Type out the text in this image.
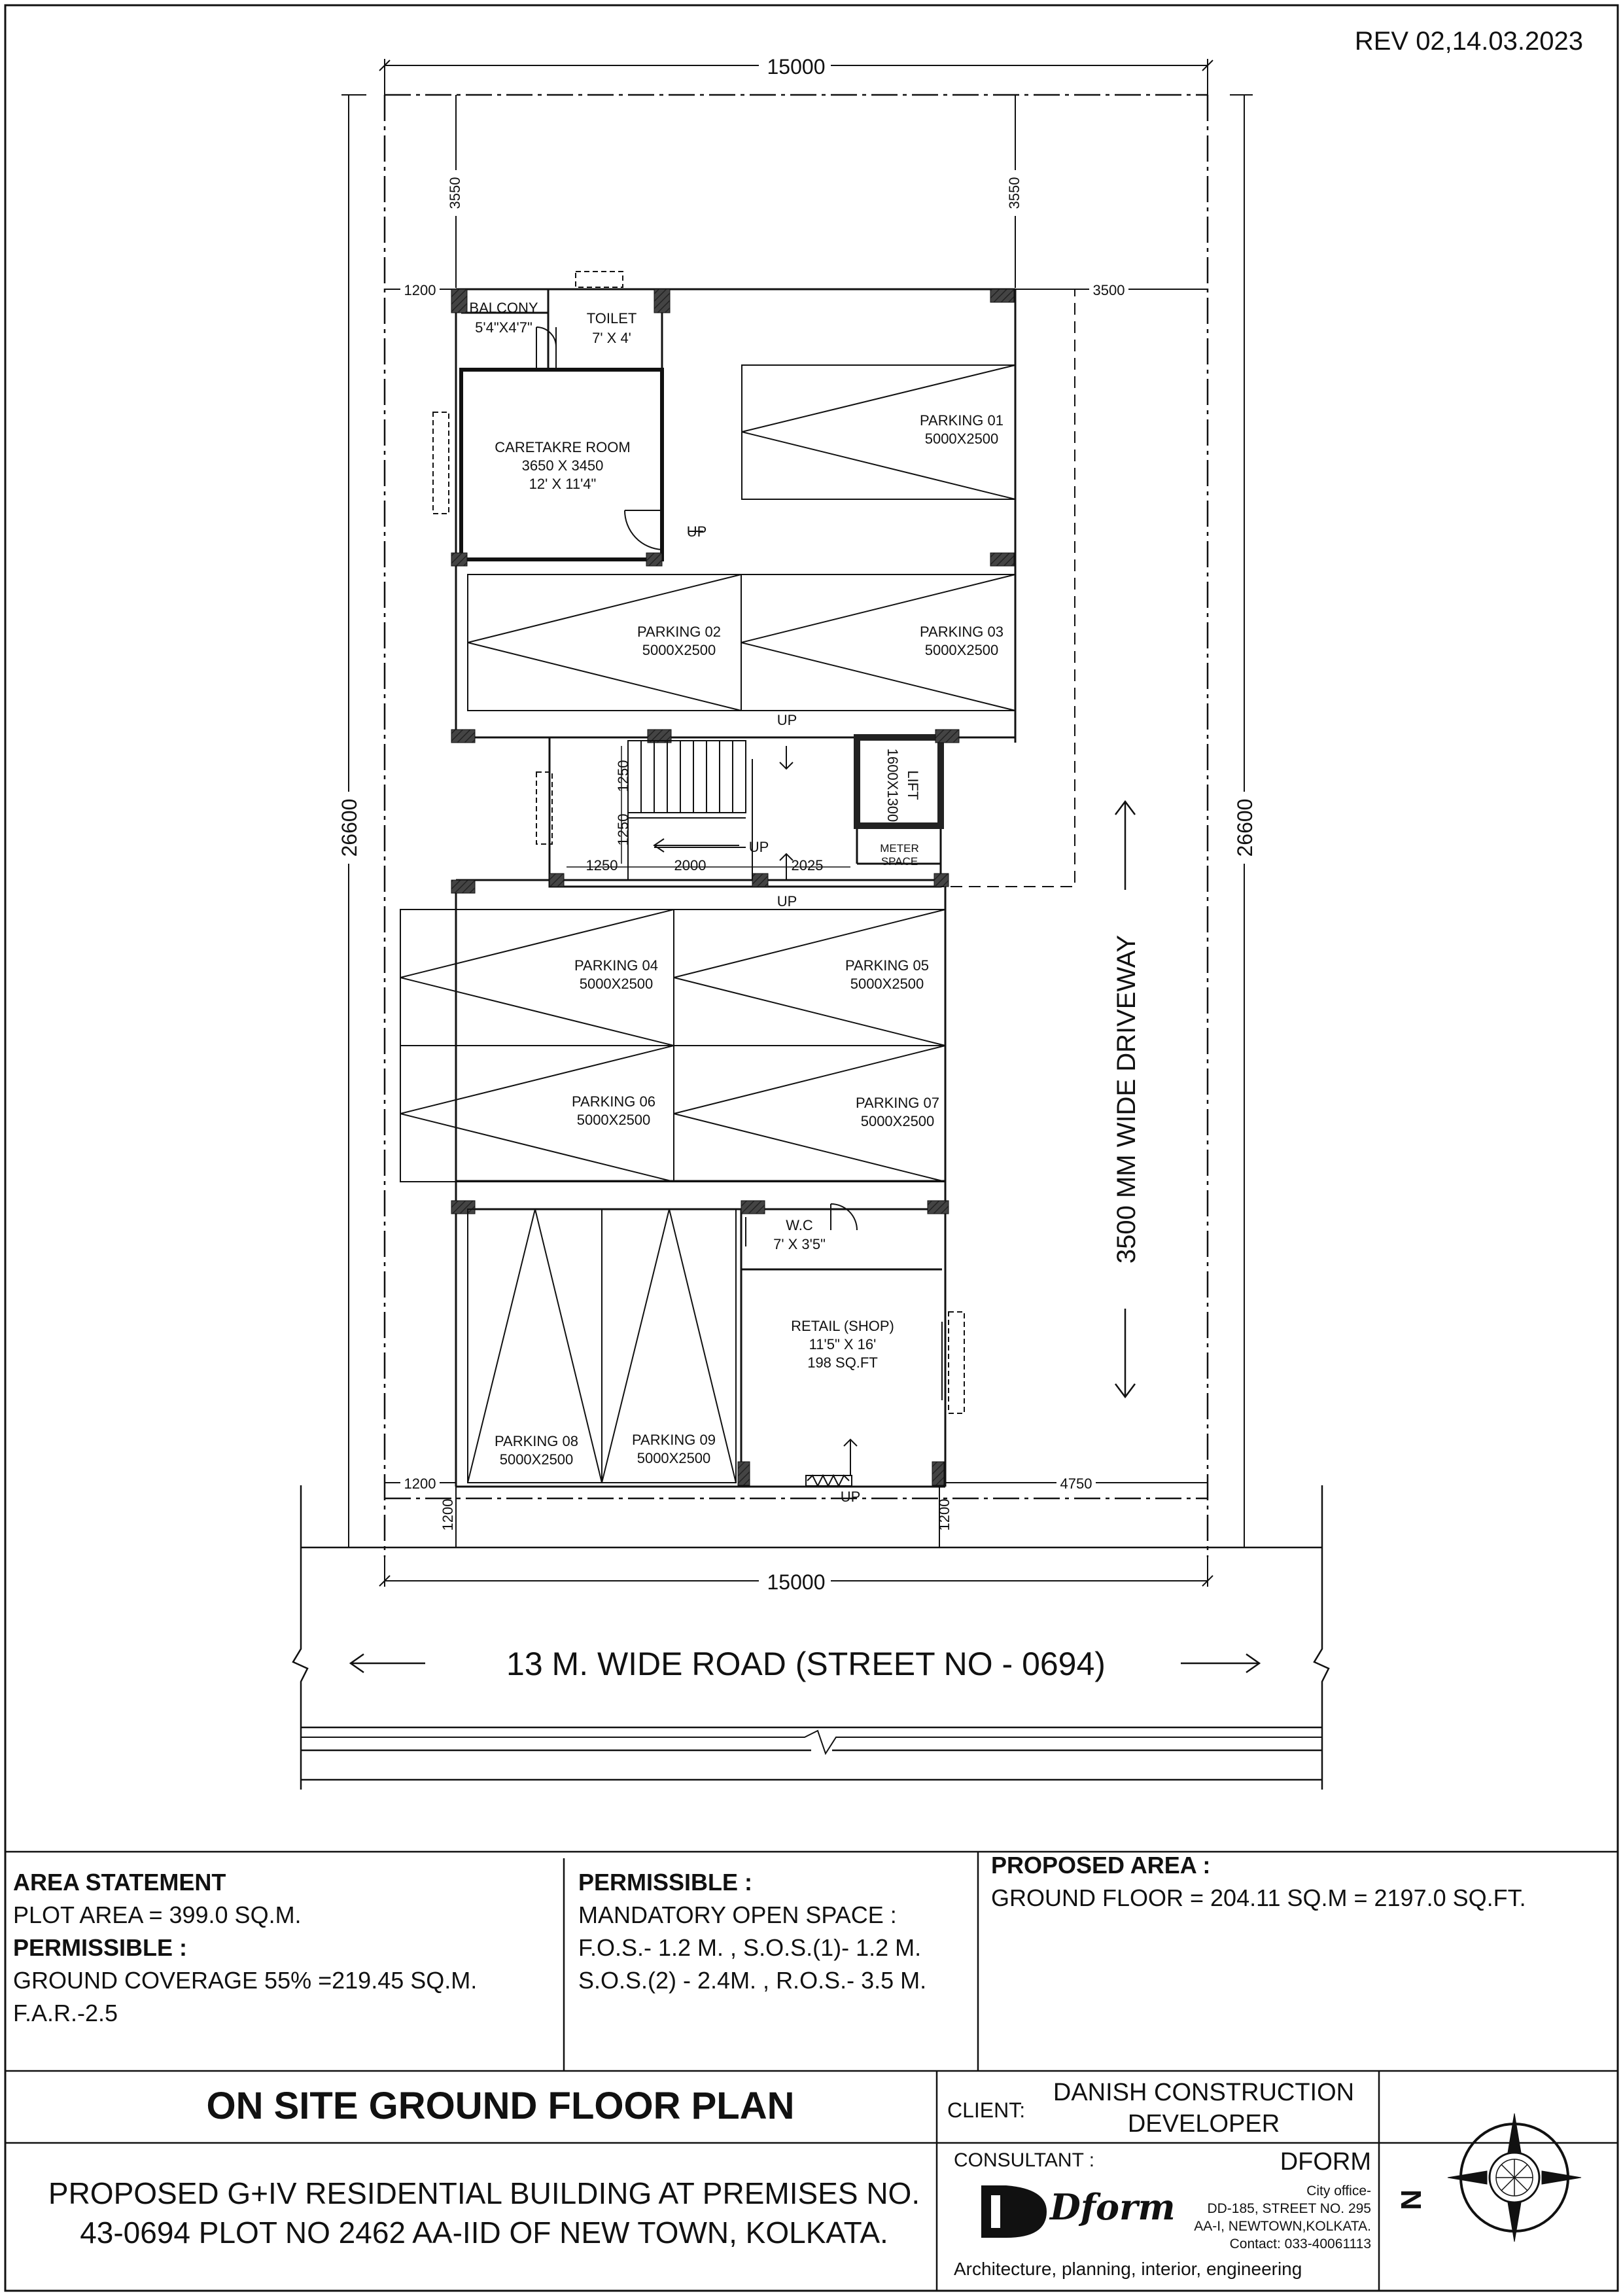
REV 02,14.03.2023
15000
26600	26600
3550	3550
1200	3500
1200	4750
1200	1200
15000
1250	2000	2025
1250
1250
3500 MM WIDE DRIVEWAY
BALCONY
5'4"X4'7"
TOILET
7' X 4'
CARETAKRE ROOM
3650 X 3450
12' X 11'4"
UP
UP
UP
UP
UP
LIFT
1600X1300
METER
SPACE
W.C
7' X 3'5"
RETAIL (SHOP)
11'5" X 16'
198 SQ.FT
PARKING 01
5000X2500
PARKING 02
5000X2500
PARKING 03
5000X2500
PARKING 04
5000X2500
PARKING 05
5000X2500
PARKING 06
5000X2500
PARKING 07
5000X2500
PARKING 08
5000X2500
PARKING 09
5000X2500
13 M. WIDE ROAD (STREET NO - 0694)
Dform	N
ON SITE GROUND FLOOR PLAN
PROPOSED G+IV RESIDENTIAL BUILDING AT PREMISES NO.
43-0694 PLOT NO 2462 AA-IID OF NEW TOWN, KOLKATA.
CLIENT:
DANISH CONSTRUCTION
DEVELOPER
CONSULTANT :	DFORM
City office-
DD-185, STREET NO. 295
AA-I, NEWTOWN,KOLKATA.
Contact: 033-40061113
Architecture, planning, interior, engineering
AREA STATEMENT
PLOT AREA = 399.0 SQ.M.
PERMISSIBLE :
GROUND COVERAGE 55% =219.45 SQ.M.
F.A.R.-2.5
PERMISSIBLE :
MANDATORY OPEN SPACE :
F.O.S.- 1.2 M. , S.O.S.(1)- 1.2 M.
S.O.S.(2) - 2.4M. , R.O.S.- 3.5 M.
PROPOSED AREA :
GROUND FLOOR = 204.11 SQ.M = 2197.0 SQ.FT.
